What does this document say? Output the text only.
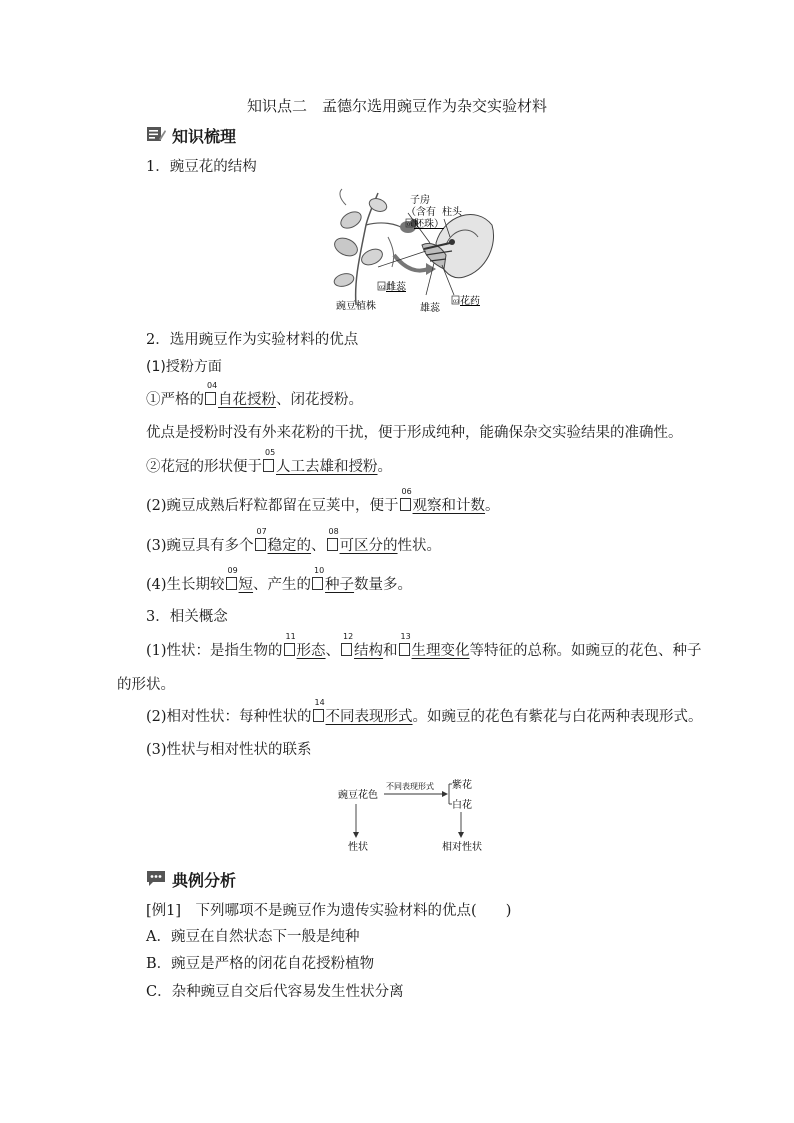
知识点二　孟德尔选用豌豆作为杂交实验材料
知识梳理
1．豌豆花的结构
豌豆植株
子房
（含有
01 胚珠）
柱头
02 雌蕊
雄蕊
03 花药
2．选用豌豆作为实验材料的优点
(1)授粉方面
①严格的
04
自花授粉、闭花授粉。
优点是授粉时没有外来花粉的干扰，便于形成纯种，能确保杂交实验结果的准确性。
②花冠的形状便于
05
人工去雄和授粉。
(2)豌豆成熟后籽粒都留在豆荚中，便于
06
观察和计数。
(3)豌豆具有多个
07
稳定的、
08
可区分的性状。
(4)生长期较
09
短、产生的
10
种子数量多。
3．相关概念
(1)性状：是指生物的
11
形态、
12
结构和
13
生理变化等特征的总称。如豌豆的花色、种子
的形状。
(2)相对性状：每种性状的
14
不同表现形式。如豌豆的花色有紫花与白花两种表现形式。
(3)性状与相对性状的联系
豌豆花色
不同表现形式 紫花
白花
性状	相对性状
典例分析
[例1]　下列哪项不是豌豆作为遗传实验材料的优点(　　)
A．豌豆在自然状态下一般是纯种
B．豌豆是严格的闭花自花授粉植物
C．杂种豌豆自交后代容易发生性状分离
